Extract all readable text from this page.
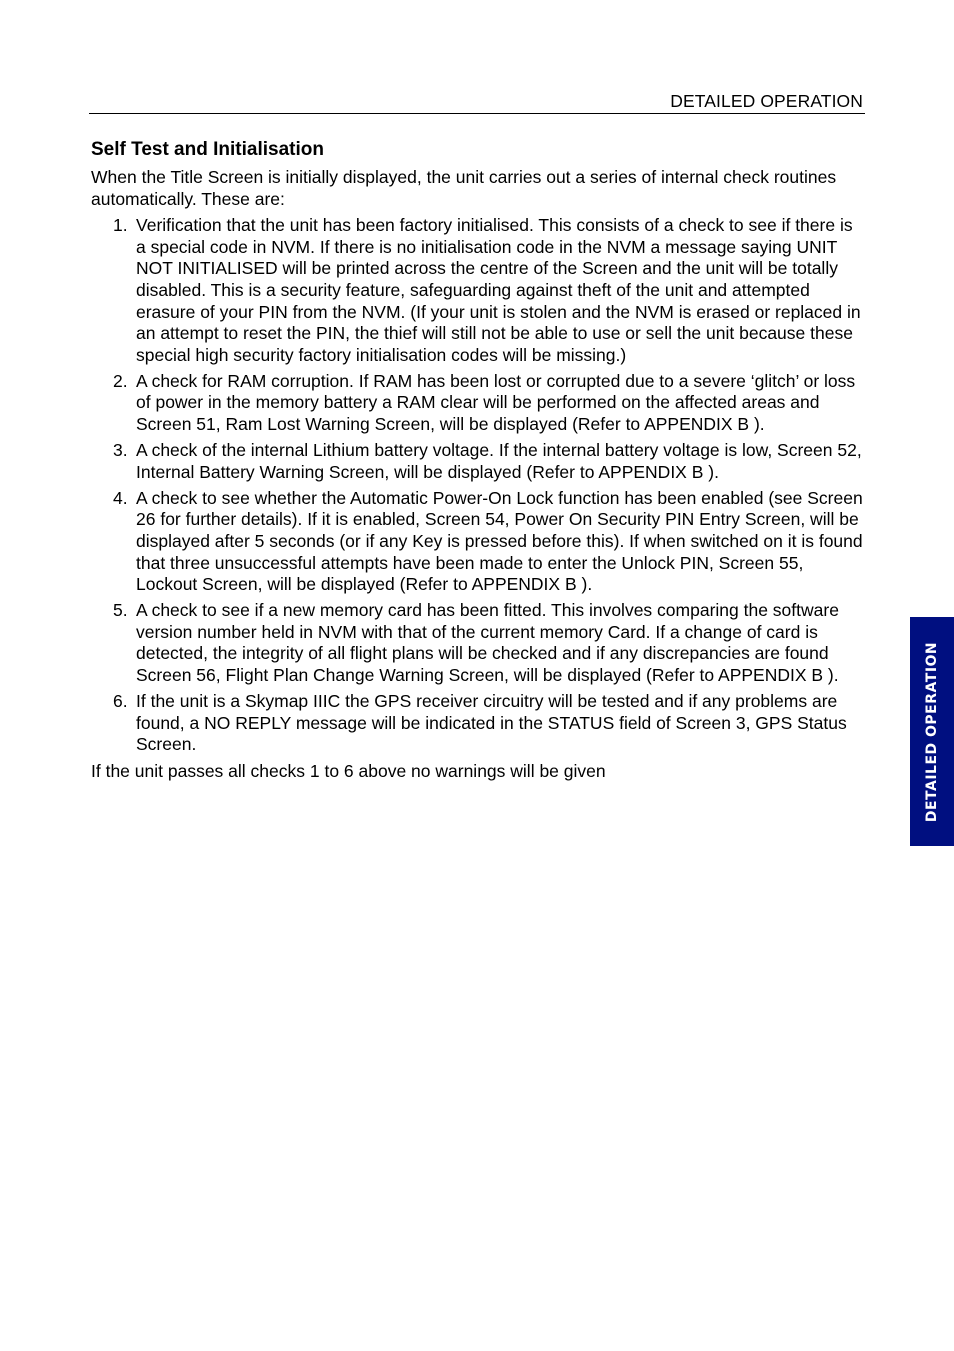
DETAILED OPERATION
Self Test and Initialisation

When the Title Screen is initially displayed, the unit carries out a series of internal check routines automatically. These are:

1. Verification that the unit has been factory initialised. This consists of a check to see if there is a special code in NVM. If there is no initialisation code in the NVM a message saying UNIT NOT INITIALISED will be printed across the centre of the Screen and the unit will be totally disabled. This is a security feature, safeguarding against theft of the unit and attempted erasure of your PIN from the NVM. (If your unit is stolen and the NVM is erased or replaced in an attempt to reset the PIN, the thief will still not be able to use or sell the unit because these special high security factory initialisation codes will be missing.)
2. A check for RAM corruption. If RAM has been lost or corrupted due to a severe ‘glitch’ or loss of power in the memory battery a RAM clear will be performed on the affected areas and Screen 51, Ram Lost Warning Screen, will be displayed (Refer to APPENDIX B ).
3. A check of the internal Lithium battery voltage. If the internal battery voltage is low, Screen 52, Internal Battery Warning Screen, will be displayed (Refer to APPENDIX B ).
4. A check to see whether the Automatic Power-On Lock function has been enabled (see Screen 26 for further details). If it is enabled, Screen 54, Power On Security PIN Entry Screen, will be displayed after 5 seconds (or if any Key is pressed before this). If when switched on it is found that three unsuccessful attempts have been made to enter the Unlock PIN, Screen 55, Lockout Screen, will be displayed (Refer to APPENDIX B ).
5. A check to see if a new memory card has been fitted. This involves comparing the software version number held in NVM with that of the current memory Card. If a change of card is detected, the integrity of all flight plans will be checked and if any discrepancies are found Screen 56, Flight Plan Change Warning Screen, will be displayed (Refer to APPENDIX B ).
6. If the unit is a Skymap IIIC the GPS receiver circuitry will be tested and if any problems are found, a NO REPLY message will be indicated in the STATUS field of Screen 3, GPS Status Screen.

If the unit passes all checks 1 to 6 above no warnings will be given	DETAILED OPERATION
